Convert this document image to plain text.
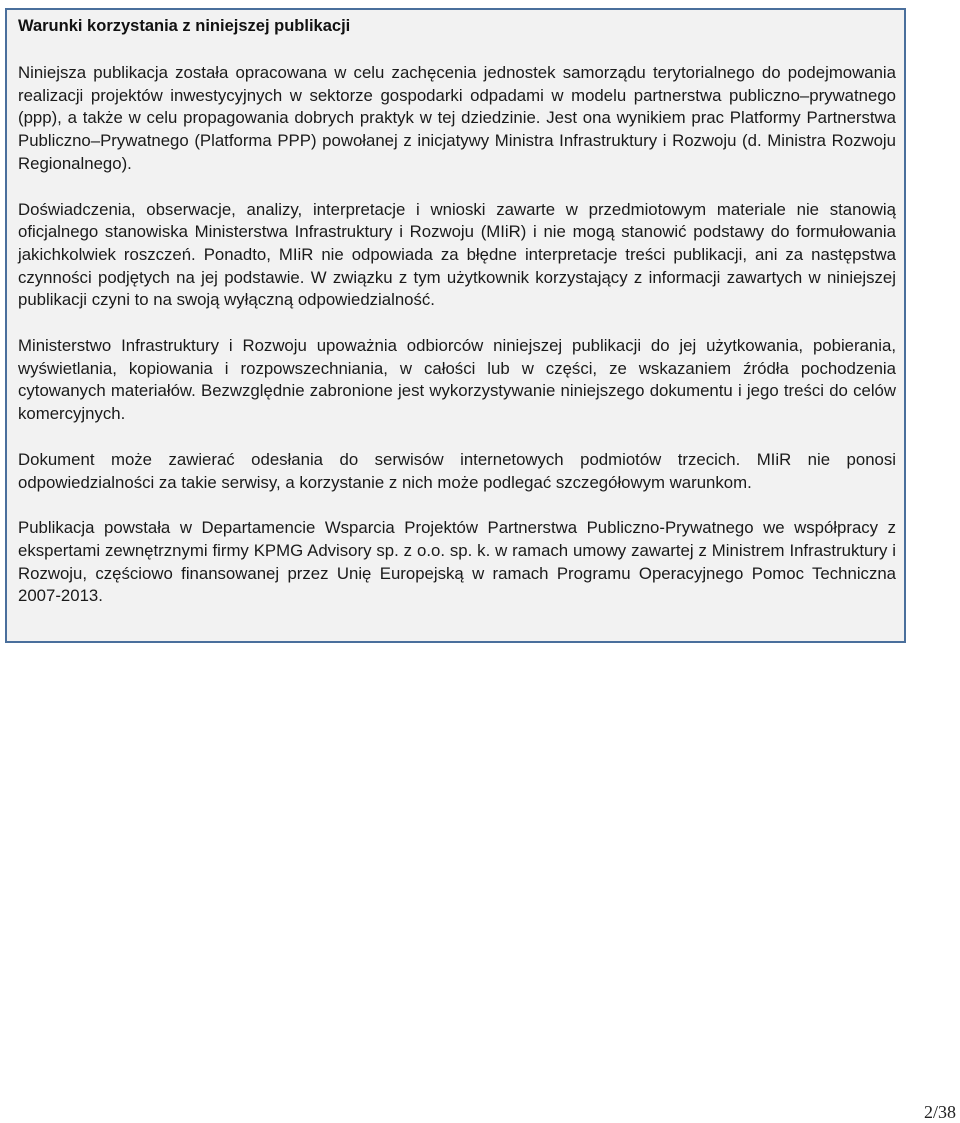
Warunki korzystania z niniejszej publikacji

Niniejsza publikacja została opracowana w celu zachęcenia jednostek samorządu terytorialnego do podejmowania realizacji projektów inwestycyjnych w sektorze gospodarki odpadami w modelu partnerstwa publiczno–prywatnego (ppp), a także w celu propagowania dobrych praktyk w tej dziedzinie. Jest ona wynikiem prac Platformy Partnerstwa Publiczno–Prywatnego (Platforma PPP) powołanej z inicjatywy Ministra Infrastruktury i Rozwoju (d. Ministra Rozwoju Regionalnego).

Doświadczenia, obserwacje, analizy, interpretacje i wnioski zawarte w przedmiotowym materiale nie stanowią oficjalnego stanowiska Ministerstwa Infrastruktury i Rozwoju (MIiR) i nie mogą stanowić podstawy do formułowania jakichkolwiek roszczeń. Ponadto, MIiR nie odpowiada za błędne interpretacje treści publikacji, ani za następstwa czynności podjętych na jej podstawie. W związku z tym użytkownik korzystający z informacji zawartych w niniejszej publikacji czyni to na swoją wyłączną odpowiedzialność.

Ministerstwo Infrastruktury i Rozwoju upoważnia odbiorców niniejszej publikacji do jej użytkowania, pobierania, wyświetlania, kopiowania i rozpowszechniania, w całości lub w części, ze wskazaniem źródła pochodzenia cytowanych materiałów. Bezwzględnie zabronione jest wykorzystywanie niniejszego dokumentu i jego treści do celów komercyjnych.

Dokument może zawierać odesłania do serwisów internetowych podmiotów trzecich. MIiR nie ponosi odpowiedzialności za takie serwisy, a korzystanie z nich może podlegać szczegółowym warunkom.

Publikacja powstała w Departamencie Wsparcia Projektów Partnerstwa Publiczno-Prywatnego we współpracy z ekspertami zewnętrznymi firmy KPMG Advisory sp. z o.o. sp. k. w ramach umowy zawartej z Ministrem Infrastruktury i Rozwoju, częściowo finansowanej przez Unię Europejską w ramach Programu Operacyjnego Pomoc Techniczna 2007-2013.

2/38
